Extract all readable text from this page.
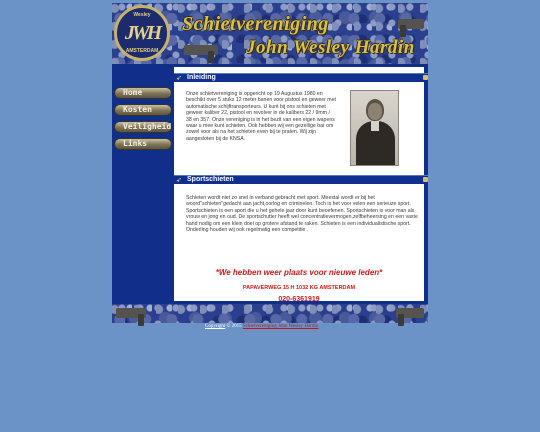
Wesley
JWH
AMSTERDAM
Schietvereniging
John Wesley Hardin
Home
Kosten
Veiligheid
Links
➶ Inleiding
Onze schietvereniging is opgericht op 19 Augustus 1980 en beschikt over 5 stuks 12 meter banen voor pistool en geweer met automatische schijftransporteurs. U kunt bij ons schieten met geweer kaliber 22, pistool en revolver in de kalibers 22 / 9mm / 38 en 357. Onze vereniging is in het bezit van een eigen wapens waar u mee kunt schieten. Ook hebben wij een gezellige bar om zowel voor als na het schieten even bij te praten. Wij zijn aangesloten bij de KNSA.
➶ Sportschieten
Schieten wordt niet zo snel in verband gebracht met sport. Meestal wordt er bij het woord"schieten"gedacht aan jacht,oorlog en criminelen. Toch is het voor velen een serieuze sport. Sportschieten is een sport die u het gehele jaar door kunt beoefenen. Sportschieten is voor man als vrouw en jong en oud. De sportschutter heeft wel concentratievermogen,zelfbeheersing en een vaste hand nodig om een klein doel op grotere afstand te raken. Schieten is een individualistische sport. Onderling houden wij ook regelmatig een competitie .
*We hebben weer plaats voor nieuwe leden*
PAPAVERWEG 15 H 1032 KG AMSTERDAM
020-6361919
Copyright © 2015 Schietvereniging John Wesley Hardin
